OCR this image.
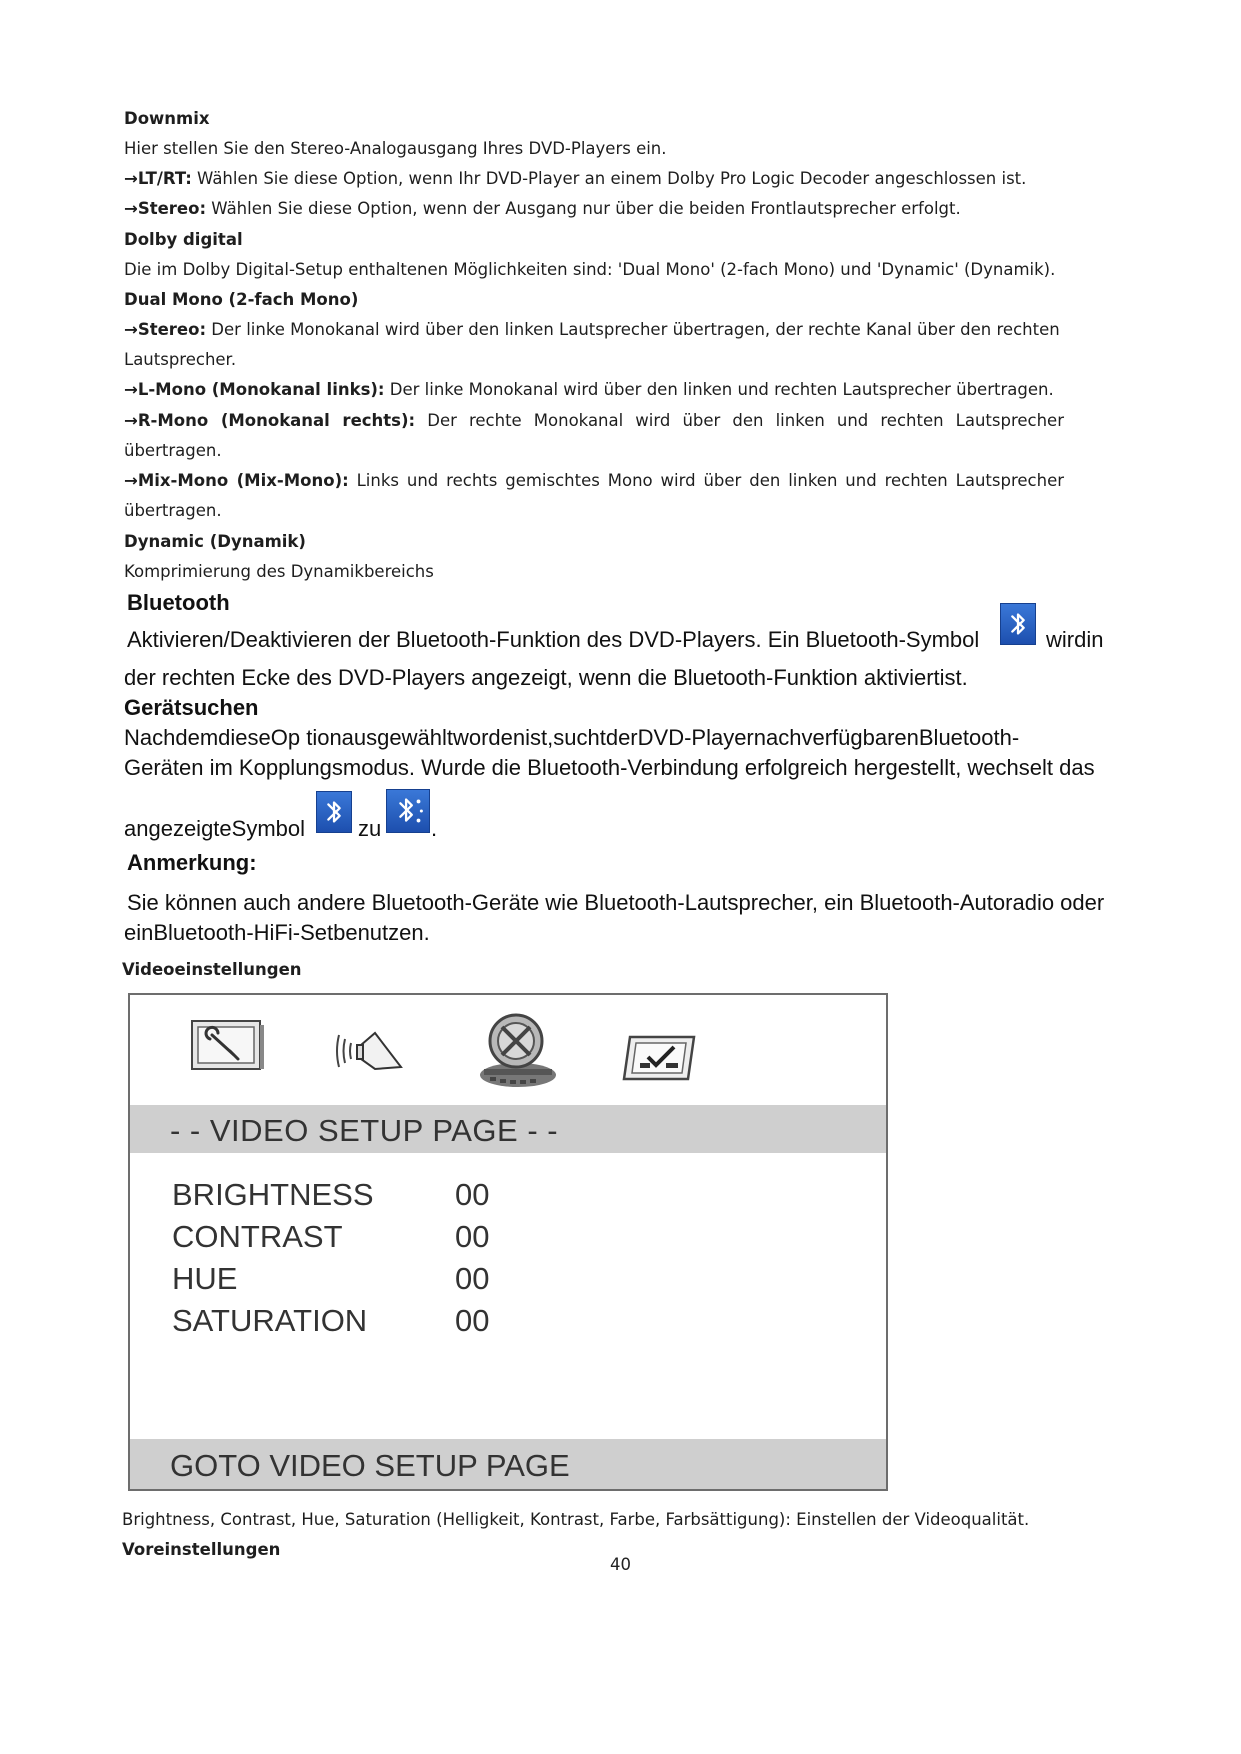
Downmix
Hier stellen Sie den Stereo-Analogausgang Ihres DVD-Players ein.
→LT/RT: Wählen Sie diese Option, wenn Ihr DVD-Player an einem Dolby Pro Logic Decoder angeschlossen ist.
→Stereo: Wählen Sie diese Option, wenn der Ausgang nur über die beiden Frontlautsprecher erfolgt.
Dolby digital
Die im Dolby Digital-Setup enthaltenen Möglichkeiten sind: 'Dual Mono' (2-fach Mono) und 'Dynamic' (Dynamik).
Dual Mono (2-fach Mono)
→Stereo: Der linke Monokanal wird über den linken Lautsprecher übertragen, der rechte Kanal über den rechten
Lautsprecher.
→L-Mono (Monokanal links): Der linke Monokanal wird über den linken und rechten Lautsprecher übertragen.
→R-Mono (Monokanal rechts): Der rechte Monokanal wird über den linken und rechten Lautsprecher
übertragen.
→Mix-Mono (Mix-Mono): Links und rechts gemischtes Mono wird über den linken und rechten Lautsprecher
übertragen.
Dynamic (Dynamik)
Komprimierung des Dynamikbereichs
Bluetooth
Aktivieren/Deaktivieren der Bluetooth-Funktion des DVD-Players. Ein Bluetooth-Symbol	wirdin
der rechten Ecke des DVD-Players angezeigt, wenn die Bluetooth-Funktion aktiviertist.
Gerätsuchen
NachdemdieseOp tionausgewähltwordenist,suchtderDVD-PlayernachverfügbarenBluetooth-
Geräten im Kopplungsmodus. Wurde die Bluetooth-Verbindung erfolgreich hergestellt, wechselt das
angezeigteSymbol zu .
Anmerkung:
Sie können auch andere Bluetooth-Geräte wie Bluetooth-Lautsprecher, ein Bluetooth-Autoradio oder
einBluetooth-HiFi-Setbenutzen.
Videoeinstellungen
- - VIDEO SETUP PAGE - -
BRIGHTNESS	00
CONTRAST	00
HUE	00
SATURATION	00
GOTO VIDEO SETUP PAGE
Brightness, Contrast, Hue, Saturation (Helligkeit, Kontrast, Farbe, Farbsättigung): Einstellen der Videoqualität.
Voreinstellungen
40
